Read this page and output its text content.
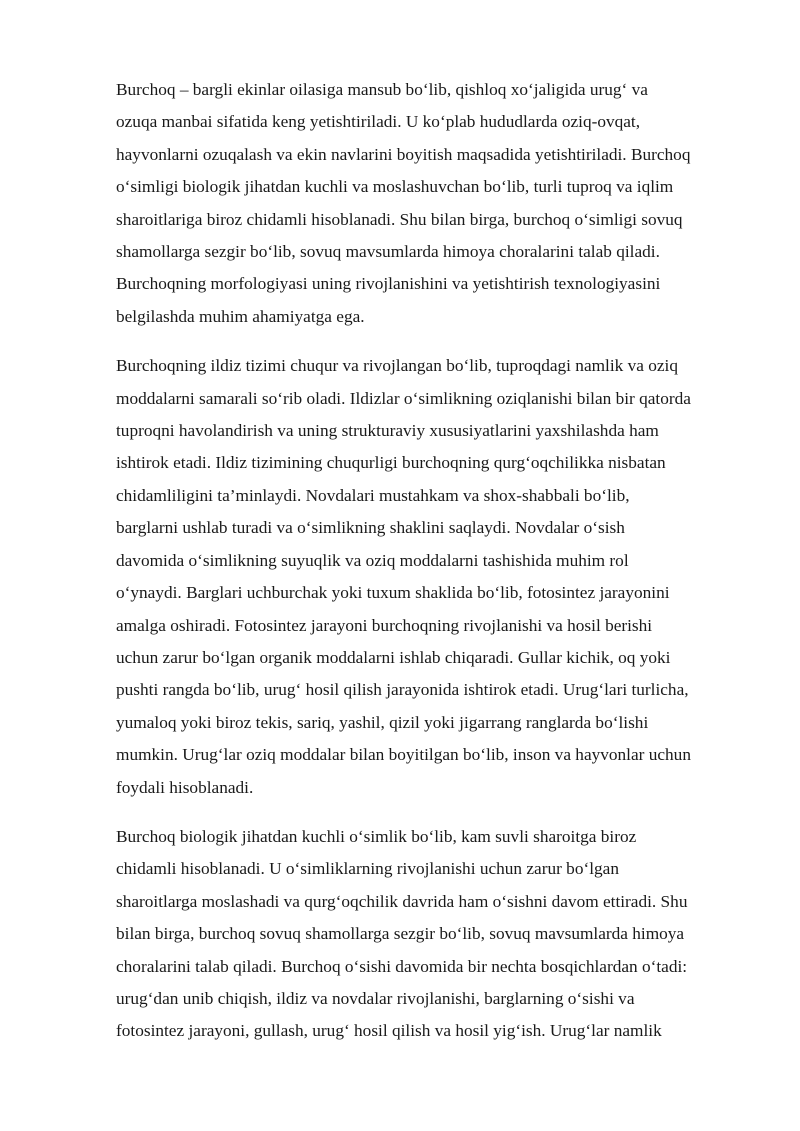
Burchoq – bargli ekinlar oilasiga mansub bo‘lib, qishloq xo‘jaligida urug‘ va
ozuqa manbai sifatida keng yetishtiriladi. U ko‘plab hududlarda oziq-ovqat,
hayvonlarni ozuqalash va ekin navlarini boyitish maqsadida yetishtiriladi. Burchoq
o‘simligi biologik jihatdan kuchli va moslashuvchan bo‘lib, turli tuproq va iqlim
sharoitlariga biroz chidamli hisoblanadi. Shu bilan birga, burchoq o‘simligi sovuq
shamollarga sezgir bo‘lib, sovuq mavsumlarda himoya choralarini talab qiladi.
Burchoqning morfologiyasi uning rivojlanishini va yetishtirish texnologiyasini
belgilashda muhim ahamiyatga ega.

Burchoqning ildiz tizimi chuqur va rivojlangan bo‘lib, tuproqdagi namlik va oziq
moddalarni samarali so‘rib oladi. Ildizlar o‘simlikning oziqlanishi bilan bir qatorda
tuproqni havolandirish va uning strukturaviy xususiyatlarini yaxshilashda ham
ishtirok etadi. Ildiz tizimining chuqurligi burchoqning qurg‘oqchilikka nisbatan
chidamliligini ta’minlaydi. Novdalari mustahkam va shox-shabbali bo‘lib,
barglarni ushlab turadi va o‘simlikning shaklini saqlaydi. Novdalar o‘sish
davomida o‘simlikning suyuqlik va oziq moddalarni tashishida muhim rol
o‘ynaydi. Barglari uchburchak yoki tuxum shaklida bo‘lib, fotosintez jarayonini
amalga oshiradi. Fotosintez jarayoni burchoqning rivojlanishi va hosil berishi
uchun zarur bo‘lgan organik moddalarni ishlab chiqaradi. Gullar kichik, oq yoki
pushti rangda bo‘lib, urug‘ hosil qilish jarayonida ishtirok etadi. Urug‘lari turlicha,
yumaloq yoki biroz tekis, sariq, yashil, qizil yoki jigarrang ranglarda bo‘lishi
mumkin. Urug‘lar oziq moddalar bilan boyitilgan bo‘lib, inson va hayvonlar uchun
foydali hisoblanadi.

Burchoq biologik jihatdan kuchli o‘simlik bo‘lib, kam suvli sharoitga biroz
chidamli hisoblanadi. U o‘simliklarning rivojlanishi uchun zarur bo‘lgan
sharoitlarga moslashadi va qurg‘oqchilik davrida ham o‘sishni davom ettiradi. Shu
bilan birga, burchoq sovuq shamollarga sezgir bo‘lib, sovuq mavsumlarda himoya
choralarini talab qiladi. Burchoq o‘sishi davomida bir nechta bosqichlardan o‘tadi:
urug‘dan unib chiqish, ildiz va novdalar rivojlanishi, barglarning o‘sishi va
fotosintez jarayoni, gullash, urug‘ hosil qilish va hosil yig‘ish. Urug‘lar namlik
